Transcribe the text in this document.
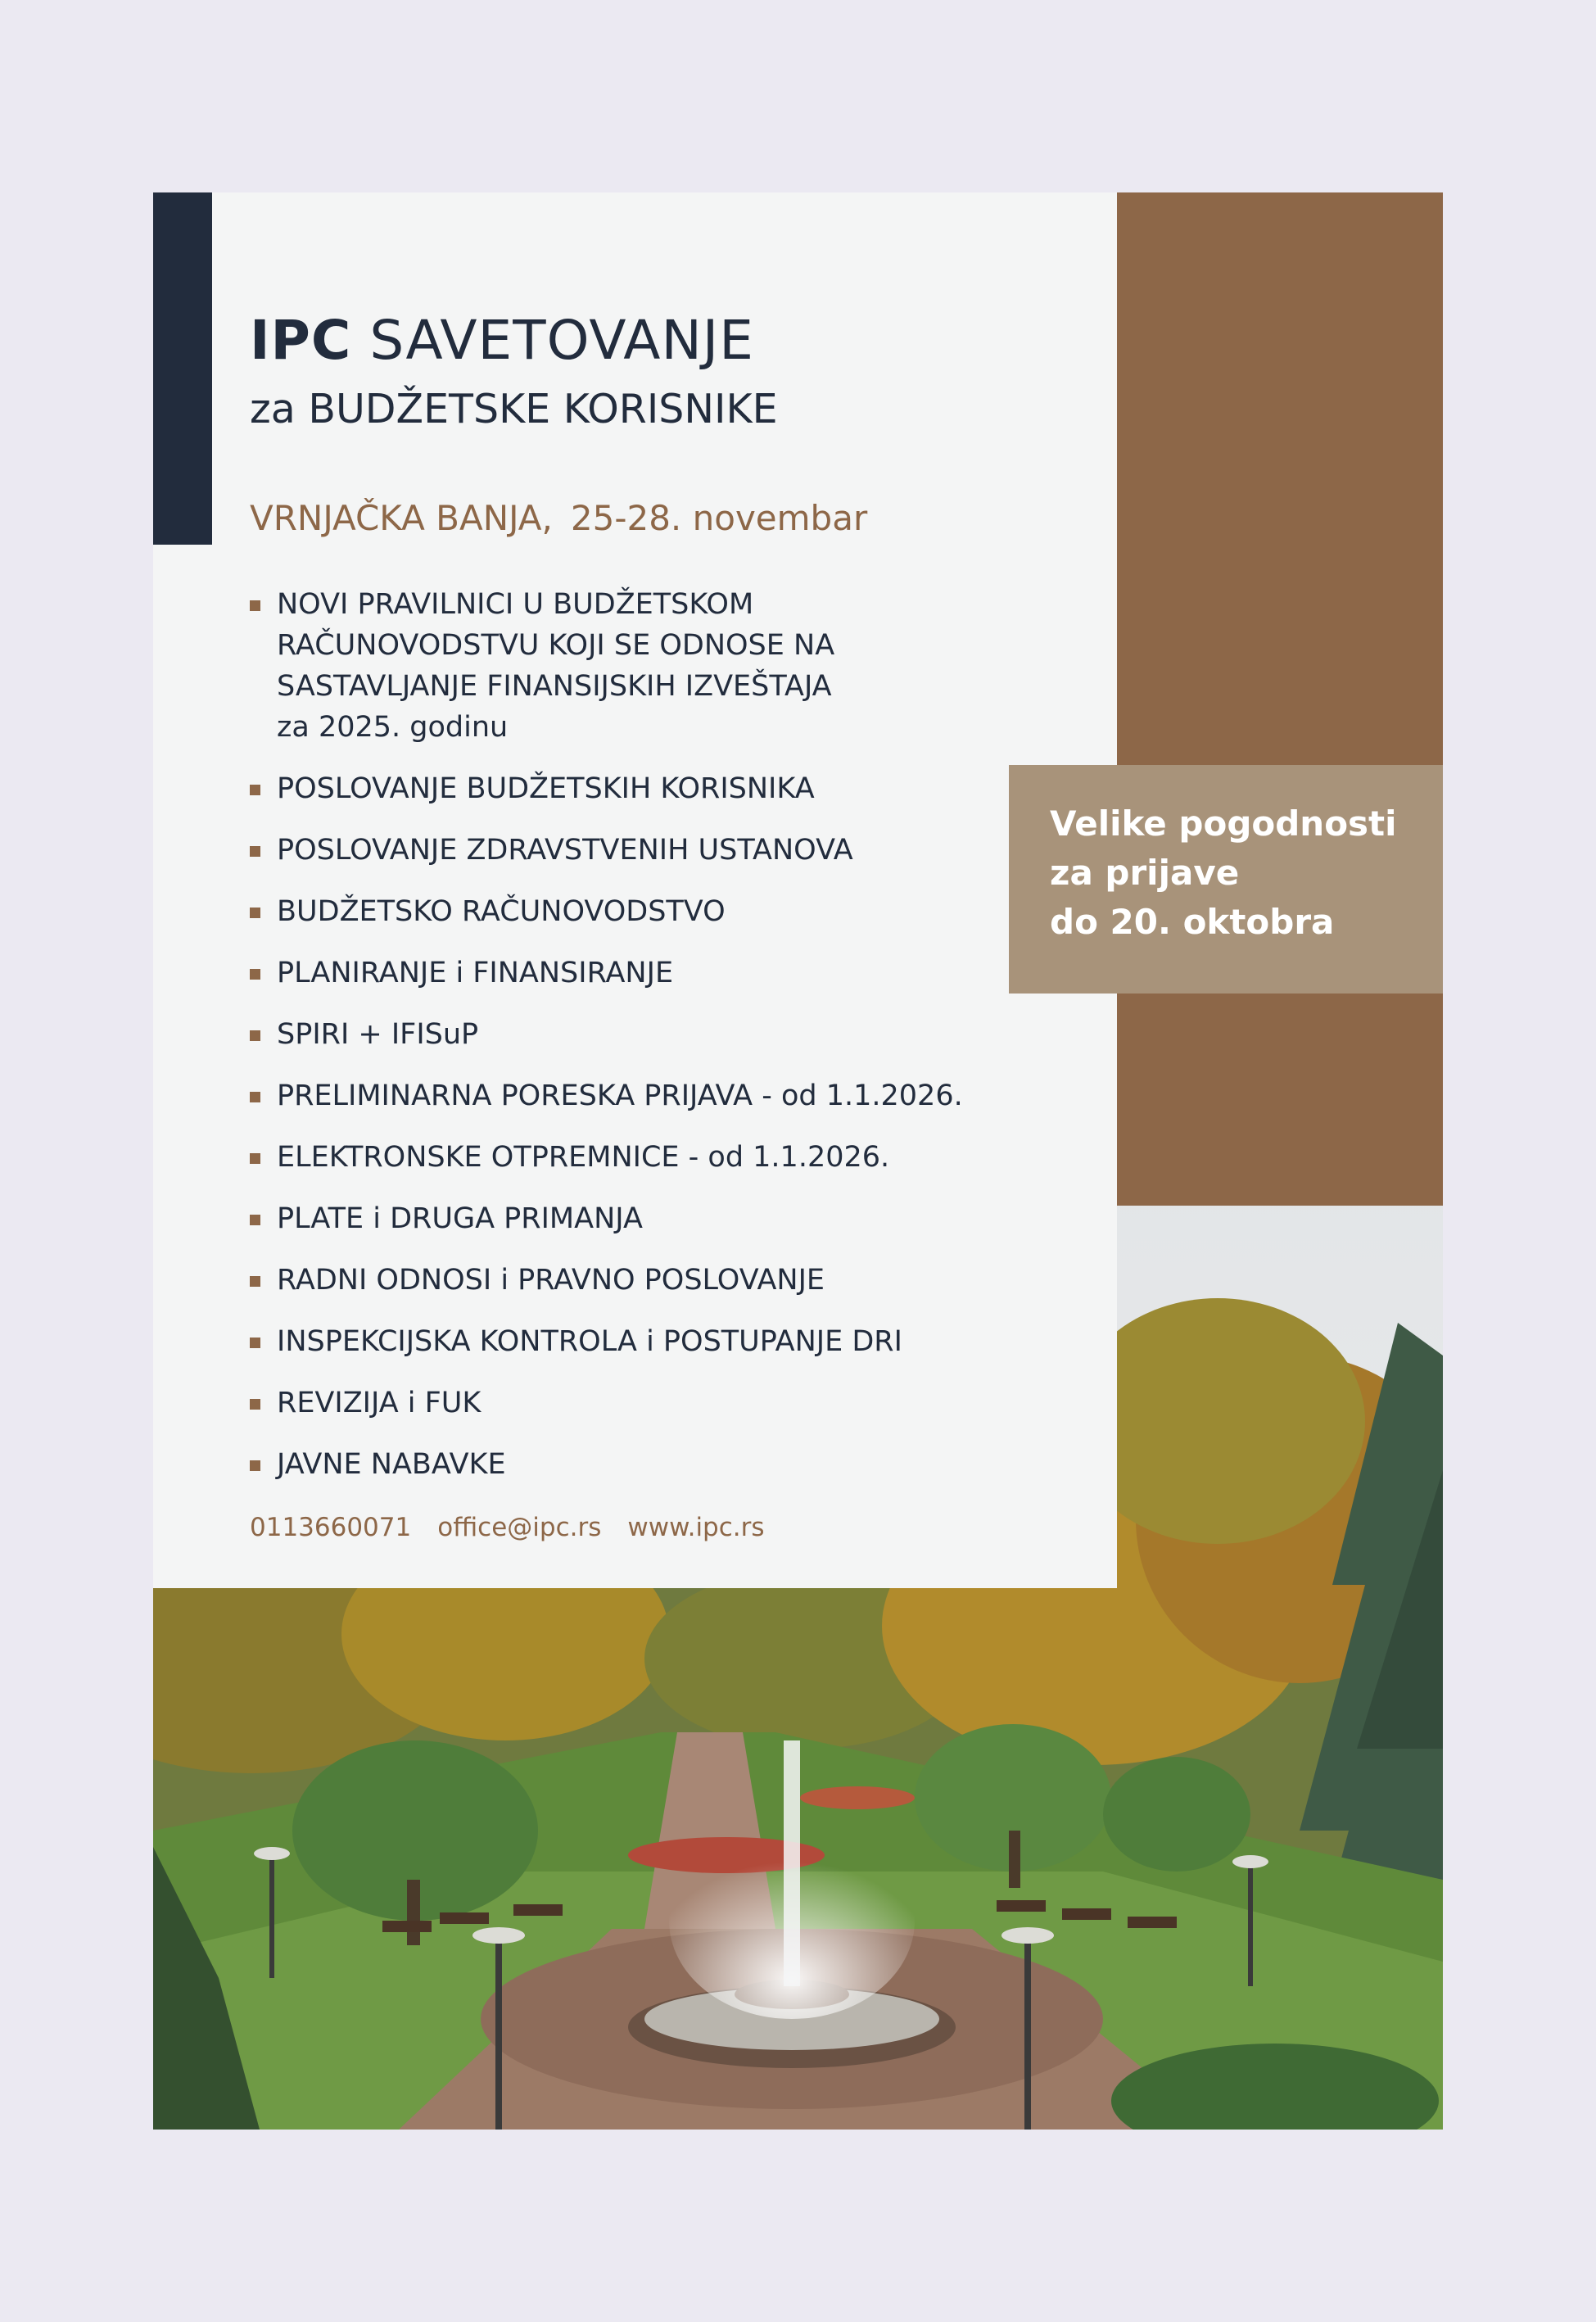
IPC SAVETOVANJE
za BUDŽETSKE KORISNIKE
VRNJAČKA BANJA, 25-28. novembar
NOVI PRAVILNICI U BUDŽETSKOM
RAČUNOVODSTVU KOJI SE ODNOSE NA
SASTAVLJANJE FINANSIJSKIH IZVEŠTAJA
za 2025. godinu
POSLOVANJE BUDŽETSKIH KORISNIKA
POSLOVANJE ZDRAVSTVENIH USTANOVA
BUDŽETSKO RAČUNOVODSTVO
PLANIRANJE i FINANSIRANJE
SPIRI + IFISuP
PRELIMINARNA PORESKA PRIJAVA - od 1.1.2026.
ELEKTRONSKE OTPREMNICE - od 1.1.2026.
PLATE i DRUGA PRIMANJA
RADNI ODNOSI i PRAVNO POSLOVANJE
INSPEKCIJSKA KONTROLA i POSTUPANJE DRI
REVIZIJA i FUK
JAVNE NABAVKE
0113660071 office@ipc.rs www.ipc.rs
Velike pogodnosti
za prijave
do 20. oktobra
